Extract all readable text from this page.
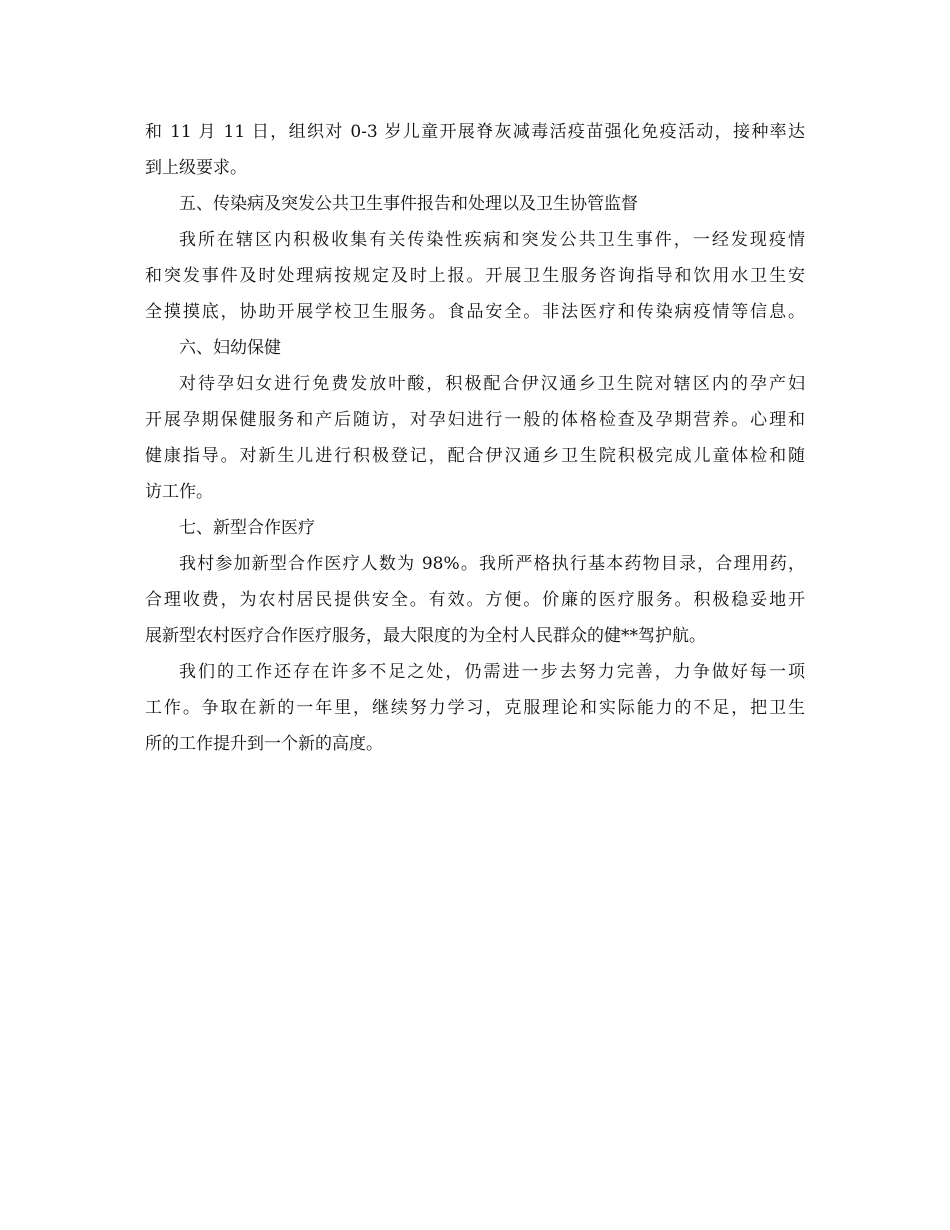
和 11 月 11 日，组织对 0-3 岁儿童开展脊灰减毒活疫苗强化免疫活动，接种率达
到上级要求。
五、传染病及突发公共卫生事件报告和处理以及卫生协管监督
我所在辖区内积极收集有关传染性疾病和突发公共卫生事件，一经发现疫情
和突发事件及时处理病按规定及时上报。开展卫生服务咨询指导和饮用水卫生安
全摸摸底，协助开展学校卫生服务。食品安全。非法医疗和传染病疫情等信息。
六、妇幼保健
对待孕妇女进行免费发放叶酸，积极配合伊汉通乡卫生院对辖区内的孕产妇
开展孕期保健服务和产后随访，对孕妇进行一般的体格检查及孕期营养。心理和
健康指导。对新生儿进行积极登记，配合伊汉通乡卫生院积极完成儿童体检和随
访工作。
七、新型合作医疗
我村参加新型合作医疗人数为 98%。我所严格执行基本药物目录，合理用药，
合理收费，为农村居民提供安全。有效。方便。价廉的医疗服务。积极稳妥地开
展新型农村医疗合作医疗服务，最大限度的为全村人民群众的健**驾护航。
我们的工作还存在许多不足之处，仍需进一步去努力完善，力争做好每一项
工作。争取在新的一年里，继续努力学习，克服理论和实际能力的不足，把卫生
所的工作提升到一个新的高度。
